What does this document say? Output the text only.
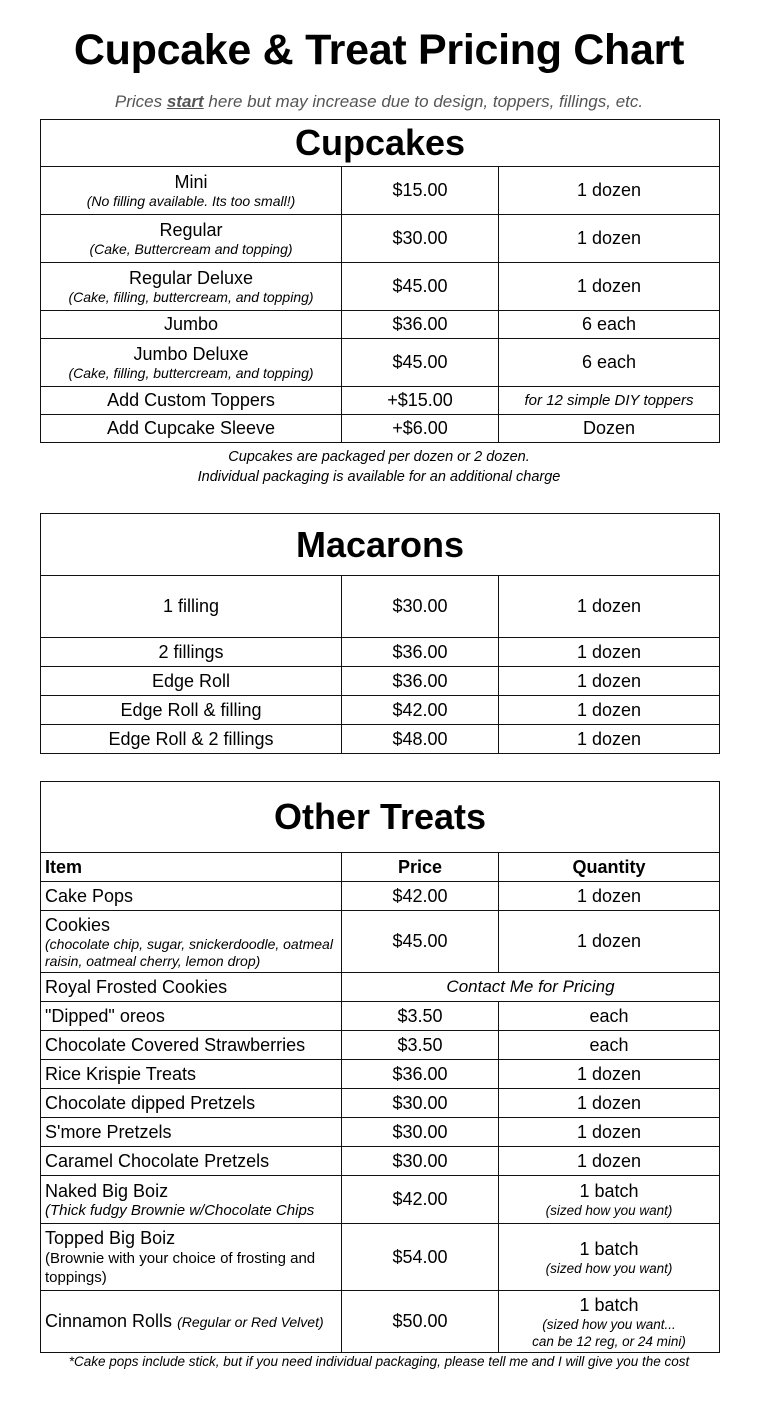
Cupcake & Treat Pricing Chart
Prices start here but may increase due to design, toppers, fillings, etc.
Cupcakes		

Mini
(No filling available. Its too small!)	$15.00	1 dozen

Regular
(Cake, Buttercream and topping)	$30.00	1 dozen

Regular Deluxe
(Cake, filling, buttercream, and topping)	$45.00	1 dozen
Jumbo	$36.00	6 each

Jumbo Deluxe
(Cake, filling, buttercream, and topping)	$45.00	6 each
Add Custom Toppers	+$15.00	for 12 simple DIY toppers
Add Cupcake Sleeve	+$6.00	Dozen
Cupcakes are packaged per dozen or 2 dozen.
Individual packaging is available for an additional charge
Macarons		
1 filling	$30.00	1 dozen
2 fillings	$36.00	1 dozen
Edge Roll	$36.00	1 dozen
Edge Roll & filling	$42.00	1 dozen
Edge Roll & 2 fillings	$48.00	1 dozen
Other Treats		
Item	Price	Quantity
Cake Pops	$42.00	1 dozen

Cookies
(chocolate chip, sugar, snickerdoodle, oatmeal raisin, oatmeal cherry, lemon drop)	$45.00	1 dozen
Royal Frosted Cookies	Contact Me for Pricing	
"Dipped" oreos	$3.50	each
Chocolate Covered Strawberries	$3.50	each
Rice Krispie Treats	$36.00	1 dozen
Chocolate dipped Pretzels	$30.00	1 dozen
S'more Pretzels	$30.00	1 dozen
Caramel Chocolate Pretzels	$30.00	1 dozen

Naked Big Boiz
(Thick fudgy Brownie w/Chocolate Chips	$42.00	1 batch
(sized how you want)

Topped Big Boiz
(Brownie with your choice of frosting and toppings)	$54.00	1 batch
(sized how you want)

Cinnamon Rolls (Regular or Red Velvet)	$50.00	1 batch
(sized how you want...
can be 12 reg, or 24 mini)
*Cake pops include stick, but if you need individual packaging, please tell me and I will give you the cost
